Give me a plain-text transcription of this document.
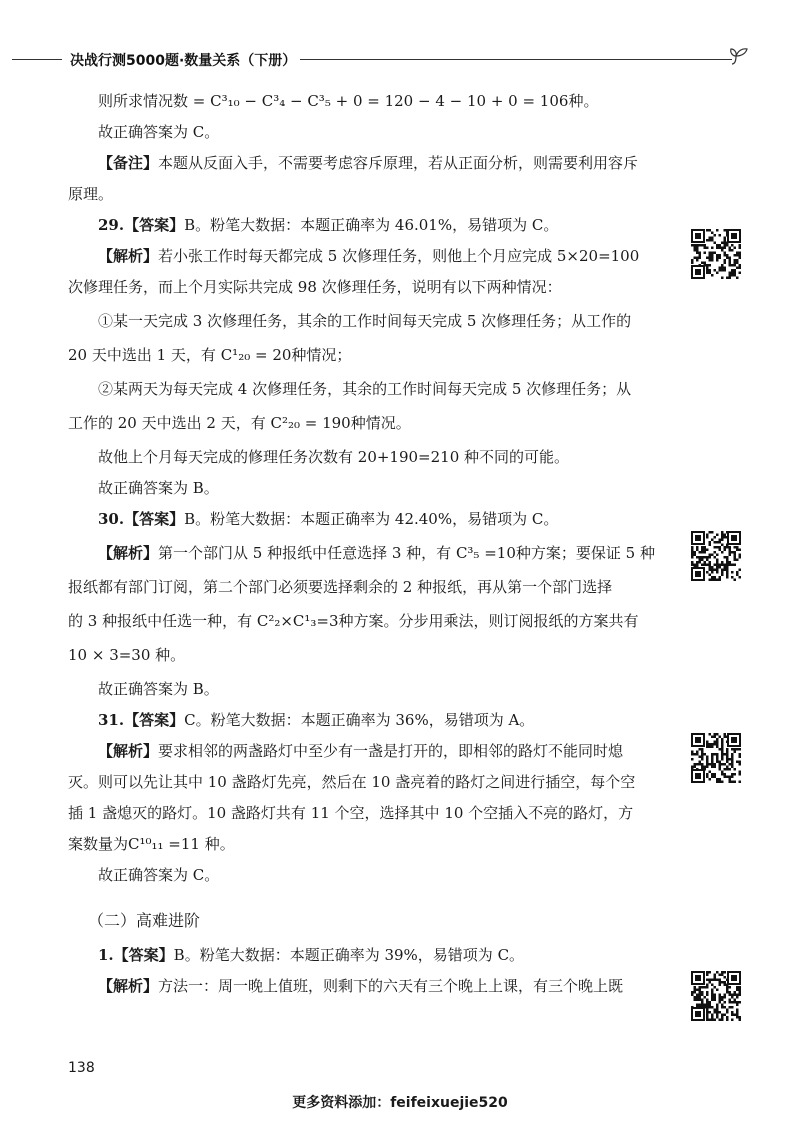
决战行测5000题·数量关系（下册）

则所求情况数 = C³₁₀ − C³₄ − C³₅ + 0 = 120 − 4 − 10 + 0 = 106种。

故正确答案为 C。

【备注】本题从反面入手，不需要考虑容斥原理，若从正面分析，则需要利用容斥

原理。

29.【答案】B。粉笔大数据：本题正确率为 46.01%，易错项为 C。

【解析】若小张工作时每天都完成 5 次修理任务，则他上个月应完成 5×20=100

次修理任务，而上个月实际共完成 98 次修理任务，说明有以下两种情况：

①某一天完成 3 次修理任务，其余的工作时间每天完成 5 次修理任务；从工作的

20 天中选出 1 天，有 C¹₂₀ = 20种情况；

②某两天为每天完成 4 次修理任务，其余的工作时间每天完成 5 次修理任务；从

工作的 20 天中选出 2 天，有 C²₂₀ = 190种情况。

故他上个月每天完成的修理任务次数有 20+190=210 种不同的可能。

故正确答案为 B。

30.【答案】B。粉笔大数据：本题正确率为 42.40%，易错项为 C。

【解析】第一个部门从 5 种报纸中任意选择 3 种，有 C³₅ =10种方案；要保证 5 种

报纸都有部门订阅，第二个部门必须要选择剩余的 2 种报纸，再从第一个部门选择

的 3 种报纸中任选一种，有 C²₂×C¹₃=3种方案。分步用乘法，则订阅报纸的方案共有

10 × 3=30 种。

故正确答案为 B。

31.【答案】C。粉笔大数据：本题正确率为 36%，易错项为 A。

【解析】要求相邻的两盏路灯中至少有一盏是打开的，即相邻的路灯不能同时熄

灭。则可以先让其中 10 盏路灯先亮，然后在 10 盏亮着的路灯之间进行插空，每个空

插 1 盏熄灭的路灯。10 盏路灯共有 11 个空，选择其中 10 个空插入不亮的路灯，方

案数量为C¹⁰₁₁ =11 种。

故正确答案为 C。

（二）高难进阶

1.【答案】B。粉笔大数据：本题正确率为 39%，易错项为 C。

【解析】方法一：周一晚上值班，则剩下的六天有三个晚上上课，有三个晚上既

138
更多资料添加：feifeixuejie520
